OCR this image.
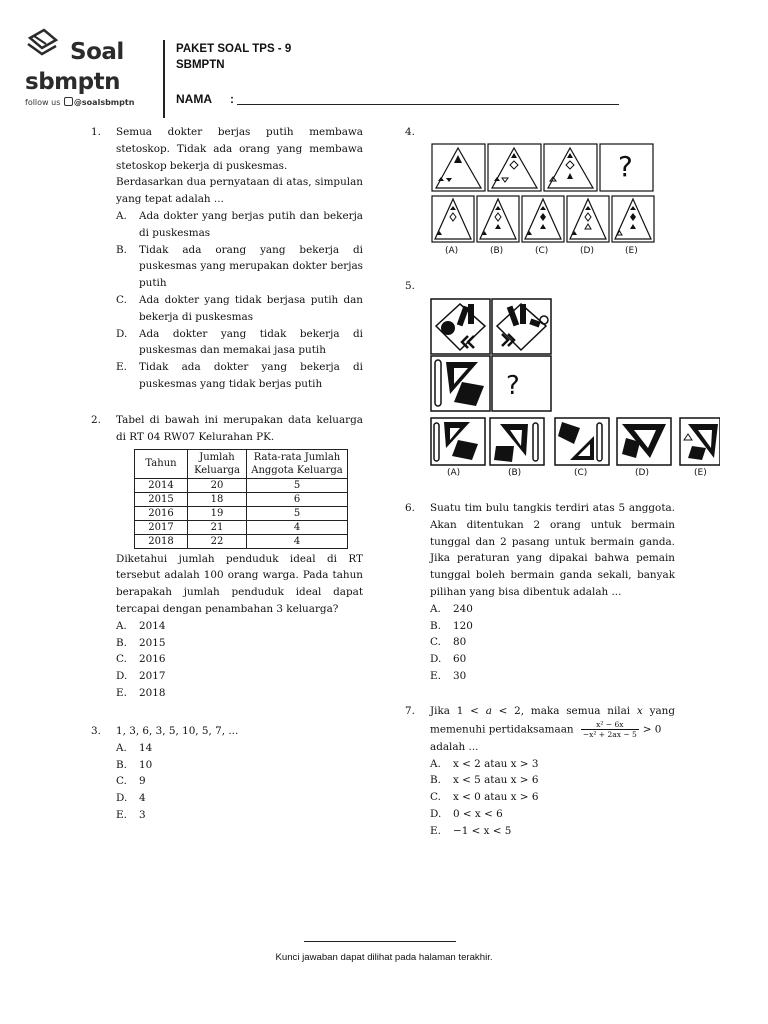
Soal
sbmptn
follow us @soalsbmptn
PAKET SOAL TPS - 9
SBMPTN
NAMA :
1. Semua dokter berjas putih membawa stetoskop. Tidak ada orang yang membawa stetoskop bekerja di puskesmas.
Berdasarkan dua pernyataan di atas, simpulan yang tepat adalah ...
A. Ada dokter yang berjas putih dan bekerja di puskesmas
B. Tidak ada orang yang bekerja di puskesmas yang merupakan dokter berjas putih
C. Ada dokter yang tidak berjasa putih dan bekerja di puskesmas
D. Ada dokter yang tidak bekerja di puskesmas dan memakai jasa putih
E. Tidak ada dokter yang bekerja di puskesmas yang tidak berjas putih
2. Tabel di bawah ini merupakan data keluarga di RT 04 RW07 Kelurahan PK.
Tahun	Jumlah Keluarga	Rata-rata Jumlah Anggota Keluarga
2014	20	5
2015	18	6
2016	19	5
2017	21	4
2018	22	4
Diketahui jumlah penduduk ideal di RT tersebut adalah 100 orang warga. Pada tahun berapakah jumlah penduduk ideal dapat tercapai dengan penambahan 3 keluarga?
A. 2014
B. 2015
C. 2016
D. 2017
E. 2018
3. 1, 3, 6, 3, 5, 10, 5, 7, ...
A. 14
B. 10
C. 9
D. 4
E. 3
4.
?
(A)	(B)	(C)	(D)	(E)
5.
?
(A)	(B)	(C)	(D)	(E)
6. Suatu tim bulu tangkis terdiri atas 5 anggota. Akan ditentukan 2 orang untuk bermain tunggal dan 2 pasang untuk bermain ganda. Jika peraturan yang dipakai bahwa pemain tunggal boleh bermain ganda sekali, banyak pilihan yang bisa dibentuk adalah ...
A. 240
B. 120
C. 80
D. 60
E. 30
7. Jika 1 < a < 2, maka semua nilai x yang memenuhi pertidaksamaan $\frac{\text{x² − 6x}}{\text{−x² + 2ax − 5}} > 0$
adalah ...
A. x < 2 atau x > 3
B. x < 5 atau x > 6
C. x < 0 atau x > 6
D. 0 < x < 6
E. −1 < x < 5
Kunci jawaban dapat dilihat pada halaman terakhir.
